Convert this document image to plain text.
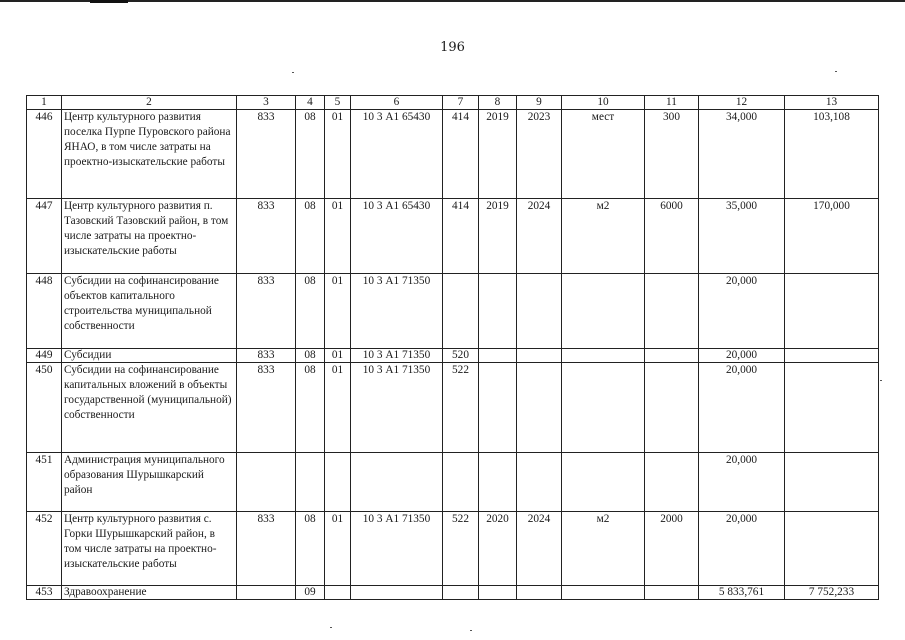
196
1	2	3	4	5	6	7	8	9	10	11	12	13
446	Центр культурного развития поселка Пурпе Пуровского района ЯНАО, в том числе затраты на проектно-изыскательские работы	833	08	01	10 3 А1 65430	414	2019	2023	мест	300	34,000	103,108
447	Центр культурного развития п. Тазовский Тазовский район, в том числе затраты на проектно-изыскательские работы	833	08	01	10 3 А1 65430	414	2019	2024	м2	6000	35,000	170,000
448	Субсидии на софинансирование объектов капитального строительства муниципальной собственности	833	08	01	10 3 А1 71350						20,000	
449	Субсидии	833	08	01	10 3 А1 71350	520					20,000	
450	Субсидии на софинансирование капитальных вложений в объекты государственной (муниципальной) собственности	833	08	01	10 3 А1 71350	522					20,000	
451	Администрация муниципального образования Шурышкарский район										20,000	
452	Центр культурного развития с. Горки Шурышкарский район, в том числе затраты на проектно-изыскательские работы	833	08	01	10 3 А1 71350	522	2020	2024	м2	2000	20,000	
453	Здравоохранение		09								5 833,761	7 752,233
